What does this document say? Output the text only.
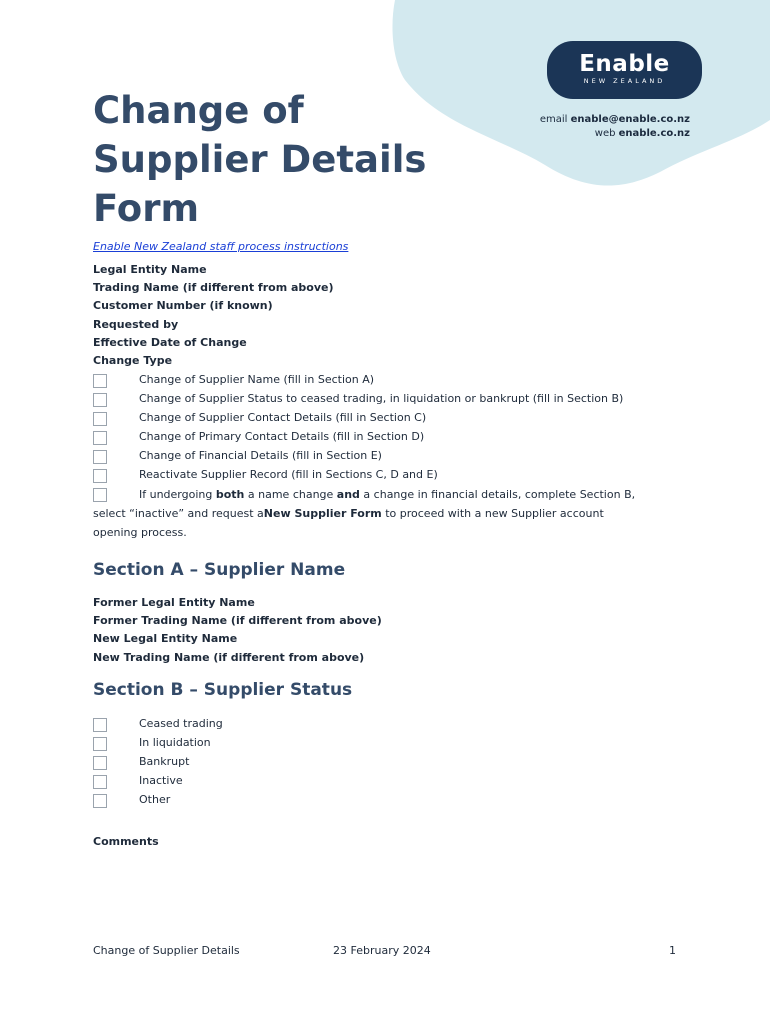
Enable
NEW ZEALAND
email enable@enable.co.nz
web enable.co.nz
Change of
Supplier Details
Form
Enable New Zealand staff process instructions
Legal Entity Name
Trading Name (if different from above)
Customer Number (if known)
Requested by
Effective Date of Change
Change Type
Change of Supplier Name (fill in Section A)
Change of Supplier Status to ceased trading, in liquidation or bankrupt (fill in Section B)
Change of Supplier Contact Details (fill in Section C)
Change of Primary Contact Details (fill in Section D)
Change of Financial Details (fill in Section E)
Reactivate Supplier Record (fill in Sections C, D and E)
If undergoing both a name change and a change in financial details, complete Section B,
select “inactive” and request aNew Supplier Form to proceed with a new Supplier account
opening process.
Section A – Supplier Name
Former Legal Entity Name
Former Trading Name (if different from above)
New Legal Entity Name
New Trading Name (if different from above)
Section B – Supplier Status
Ceased trading
In liquidation
Bankrupt
Inactive
Other
Comments
Change of Supplier Details	23 February 2024	1
